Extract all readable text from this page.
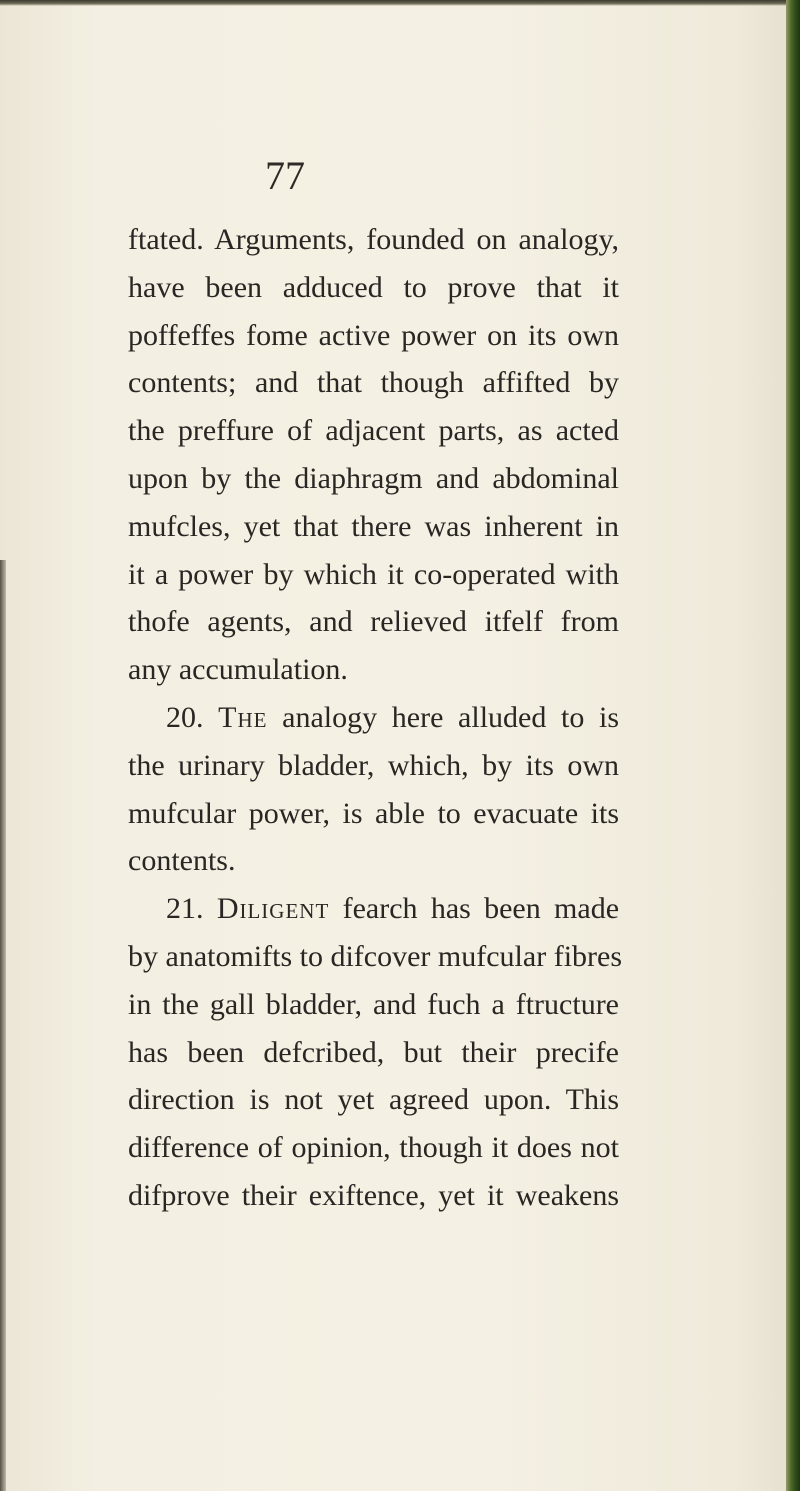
77
ftated. Arguments, founded on analogy,
have been adduced to prove that it
poffeffes fome active power on its own
contents; and that though affifted by
the preffure of adjacent parts, as acted
upon by the diaphragm and abdominal
mufcles, yet that there was inherent in
it a power by which it co-operated with
thofe agents, and relieved itfelf from
any accumulation.
20. The analogy here alluded to is
the urinary bladder, which, by its own
mufcular power, is able to evacuate its
contents.
21. Diligent fearch has been made
by anatomifts to difcover mufcular fibres
in the gall bladder, and fuch a ftructure
has been defcribed, but their precife
direction is not yet agreed upon. This
difference of opinion, though it does not
difprove their exiftence, yet it weakens
